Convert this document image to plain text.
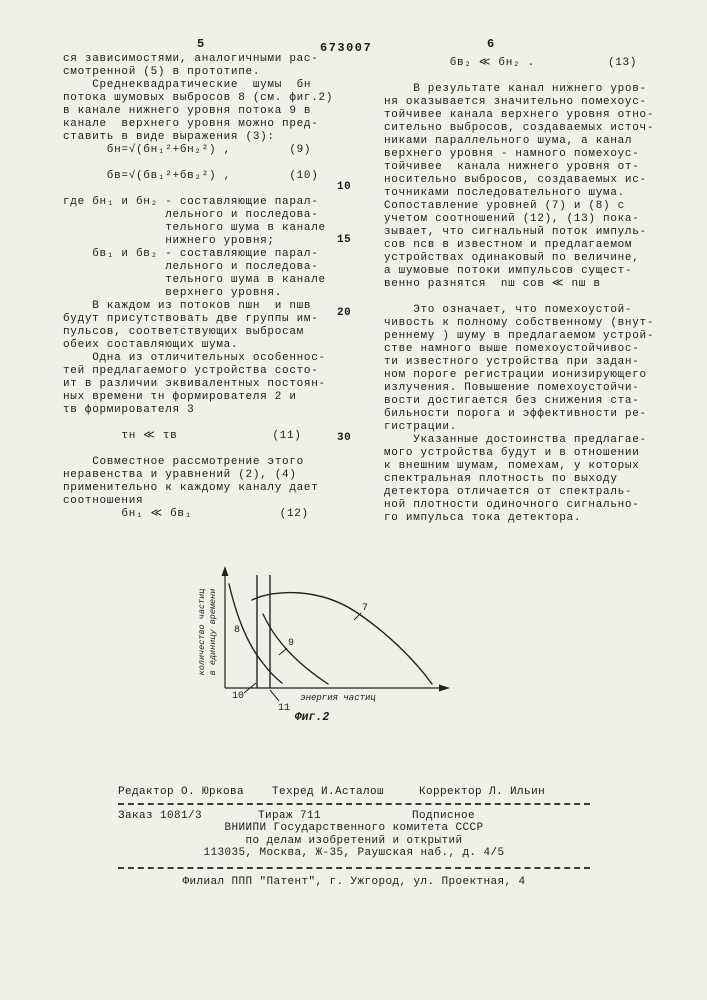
5	673007	6
ся зависимостями, аналогичными рас-
смотренной (5) в прототипе.
Среднеквадратические  шумы  бн
потока шумовых выбросов 8 (см. фиг.2)
в канале нижнего уровня потока 9 в
канале  верхнего уровня можно пред-
ставить в виде выражения (3):
бн=√(бн₁²+бн₂²) ,        (9)

бв=√(бв₁²+бв₂²) ,        (10)

где бн₁ и бн₂ - составляющие парал-
лельного и последова-
тельного шума в канале
нижнего уровня;
бв₁ и бв₂ - составляющие парал-
лельного и последова-
тельного шума в канале
верхнего уровня.
В каждом из потоков nшн  и nшв
будут присутствовать две группы им-
пульсов, соответствующих выбросам
обеих составляющих шума.
Одна из отличительных особеннос-
тей предлагаемого устройства состо-
ит в различии эквивалентных постоян-
ных времени τн формирователя 2 и
τв формирователя 3

τн ≪ τв             (11)

Совместное рассмотрение этого
неравенства и уравнений (2), (4)
применительно к каждому каналу дает
соотношения
бн₁ ≪ бв₁            (12)
бв₂ ≪ бн₂ .          (13)

В результате канал нижнего уров-
ня оказывается значительно помехоус-
тойчивее канала верхнего уровня отно-
сительно выбросов, создаваемых источ-
никами параллельного шума, а канал
верхнего уровня - намного помехоус-
тойчивее  канала нижнего уровня от-
носительно выбросов, создаваемых ис-
точниками последовательного шума.
Сопоставление уровней (7) и (8) с
учетом соотношений (12), (13) пока-
зывает, что сигнальный поток импуль-
сов nсв в известном и предлагаемом
устройствах одинаковый по величине,
а шумовые потоки импульсов сущест-
венно разнятся  nш сов ≪ nш в

Это означает, что помехоустой-
чивость к полному собственному (внут-
реннему ) шуму в предлагаемом устрой-
стве намного выше помехоустойчивос-
ти известного устройства при задан-
ном пороге регистрации ионизирующего
излучения. Повышение помехоустойчи-
вости достигается без снижения ста-
бильности порога и эффективности ре-
гистрации.
Указанные достоинства предлагае-
мого устройства будут и в отношении
к внешним шумам, помехам, у которых
спектральная плотность по выходу
детектора отличается от спектраль-
ной плотности одиночного сигнально-
го импульса тока детектора.
10
15
20
30
количество частиц в единицу времени
энергия частиц
7
8
9
10
11
Фиг.2
Редактор О. Юркова    Техред И.Асталош     Корректор Л. Ильин
Заказ 1081/3        Тираж 711             Подписное
ВНИИПИ Государственного комитета СССР
по делам изобретений и открытий
113035, Москва, Ж-35, Раушская наб., д. 4/5
Филиал ППП "Патент", г. Ужгород, ул. Проектная, 4
